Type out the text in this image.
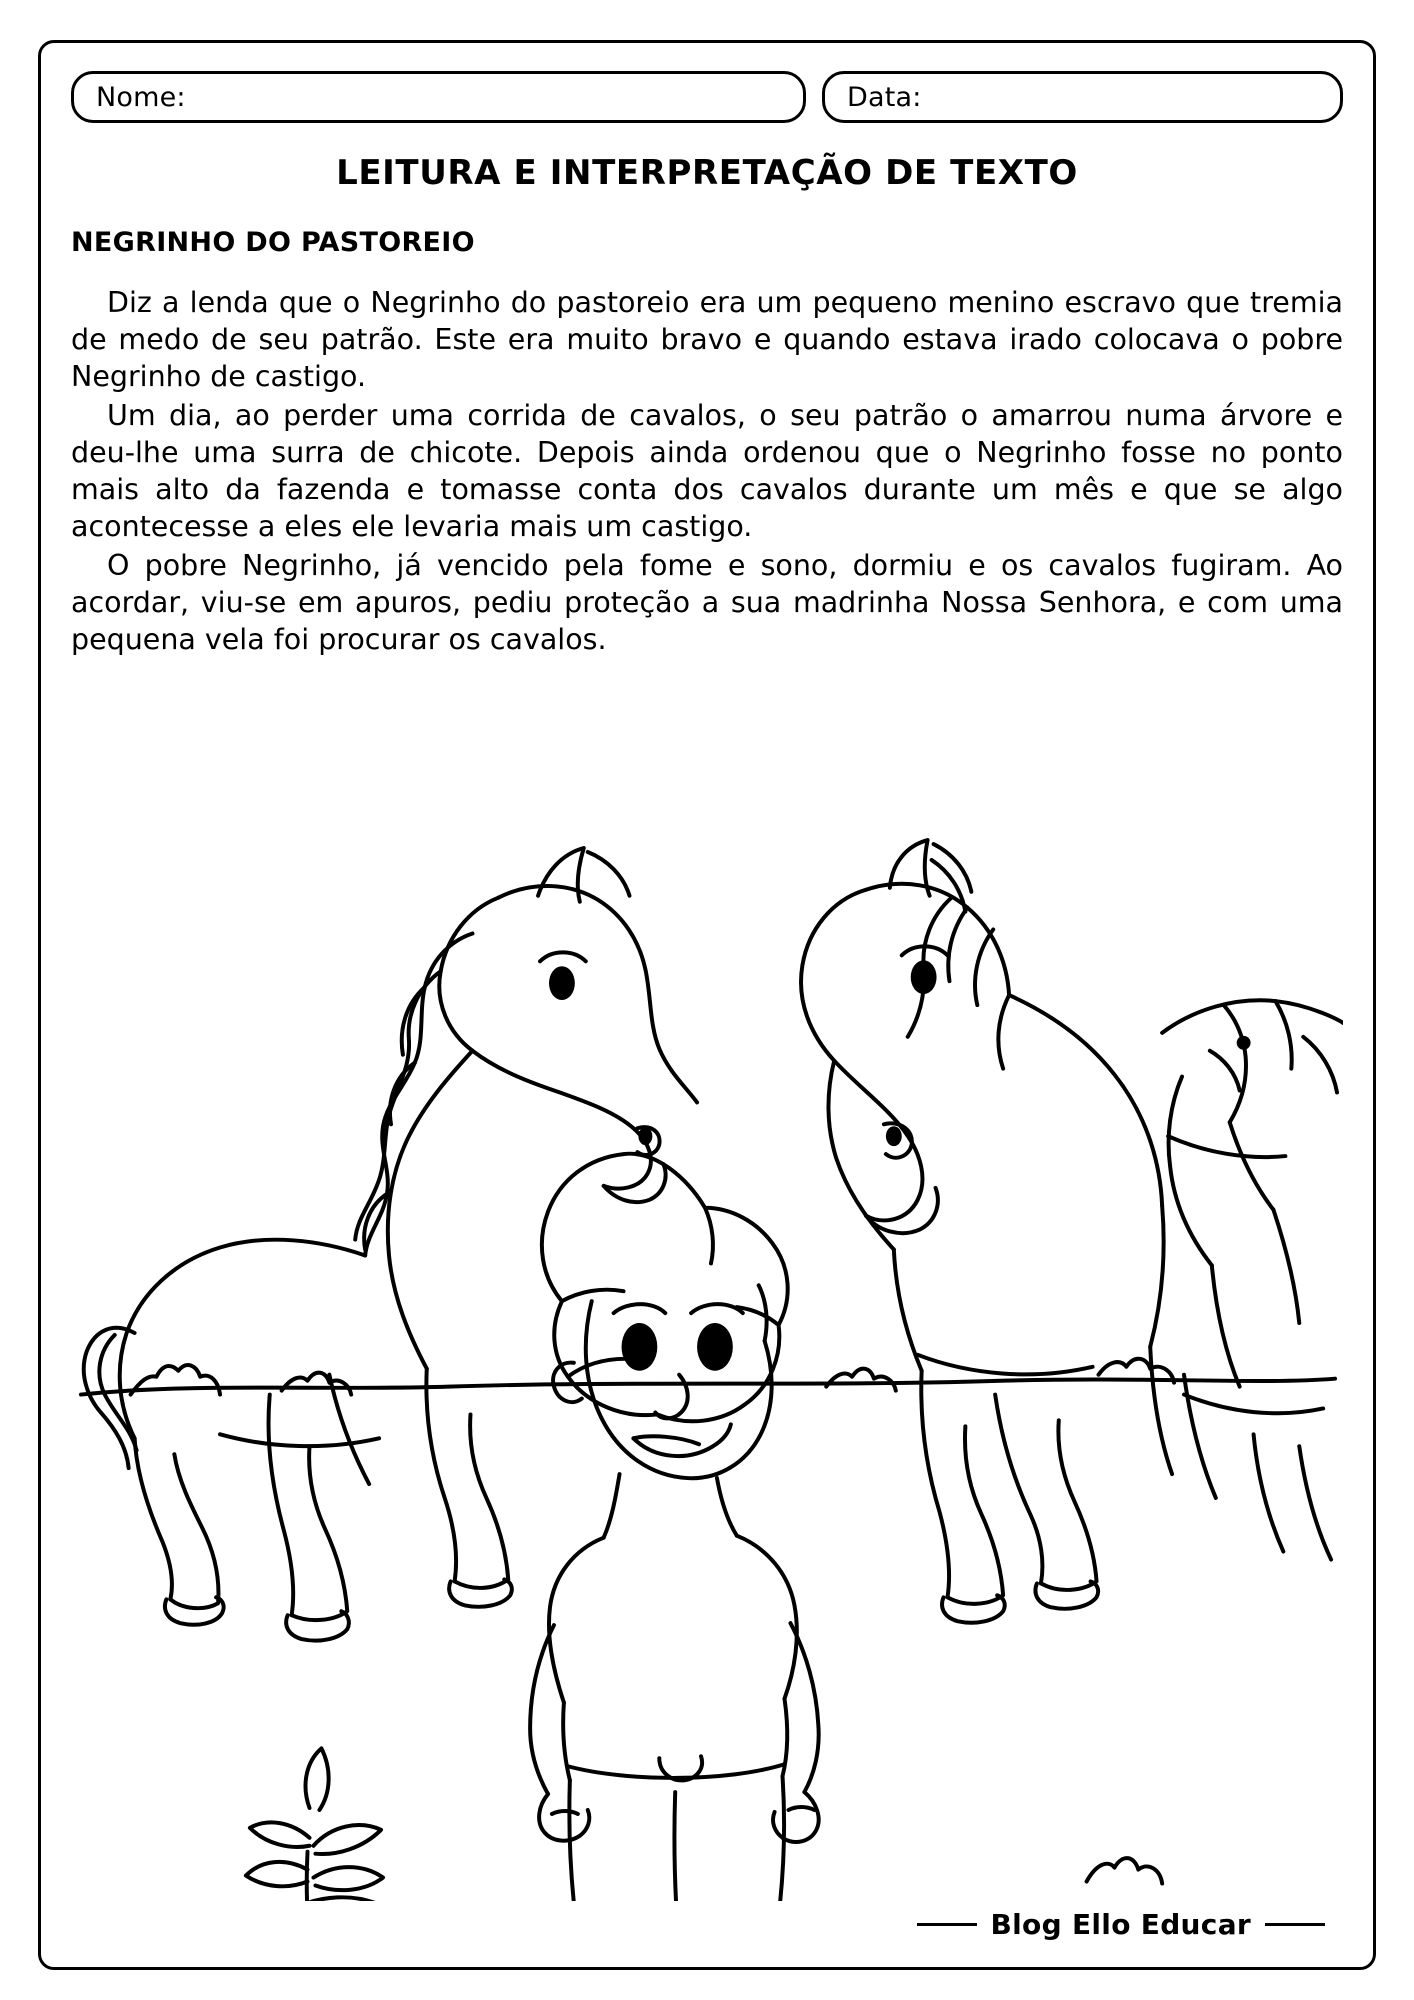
Nome:	Data:
LEITURA E INTERPRETAÇÃO DE TEXTO
NEGRINHO DO PASTOREIO

Diz a lenda que o Negrinho do pastoreio era um pequeno menino escravo que tremia de medo de seu patrão. Este era muito bravo e quando estava irado colocava o pobre Negrinho de castigo.

Um dia, ao perder uma corrida de cavalos, o seu patrão o amarrou numa árvore e deu-lhe uma surra de chicote. Depois ainda ordenou que o Negrinho fosse no ponto mais alto da fazenda e tomasse conta dos cavalos durante um mês e que se algo acontecesse a eles ele levaria mais um castigo.

O pobre Negrinho, já vencido pela fome e sono, dormiu e os cavalos fugiram. Ao acordar, viu-se em apuros, pediu proteção a sua madrinha Nossa Senhora, e com uma pequena vela foi procurar os cavalos.

Blog Ello Educar
